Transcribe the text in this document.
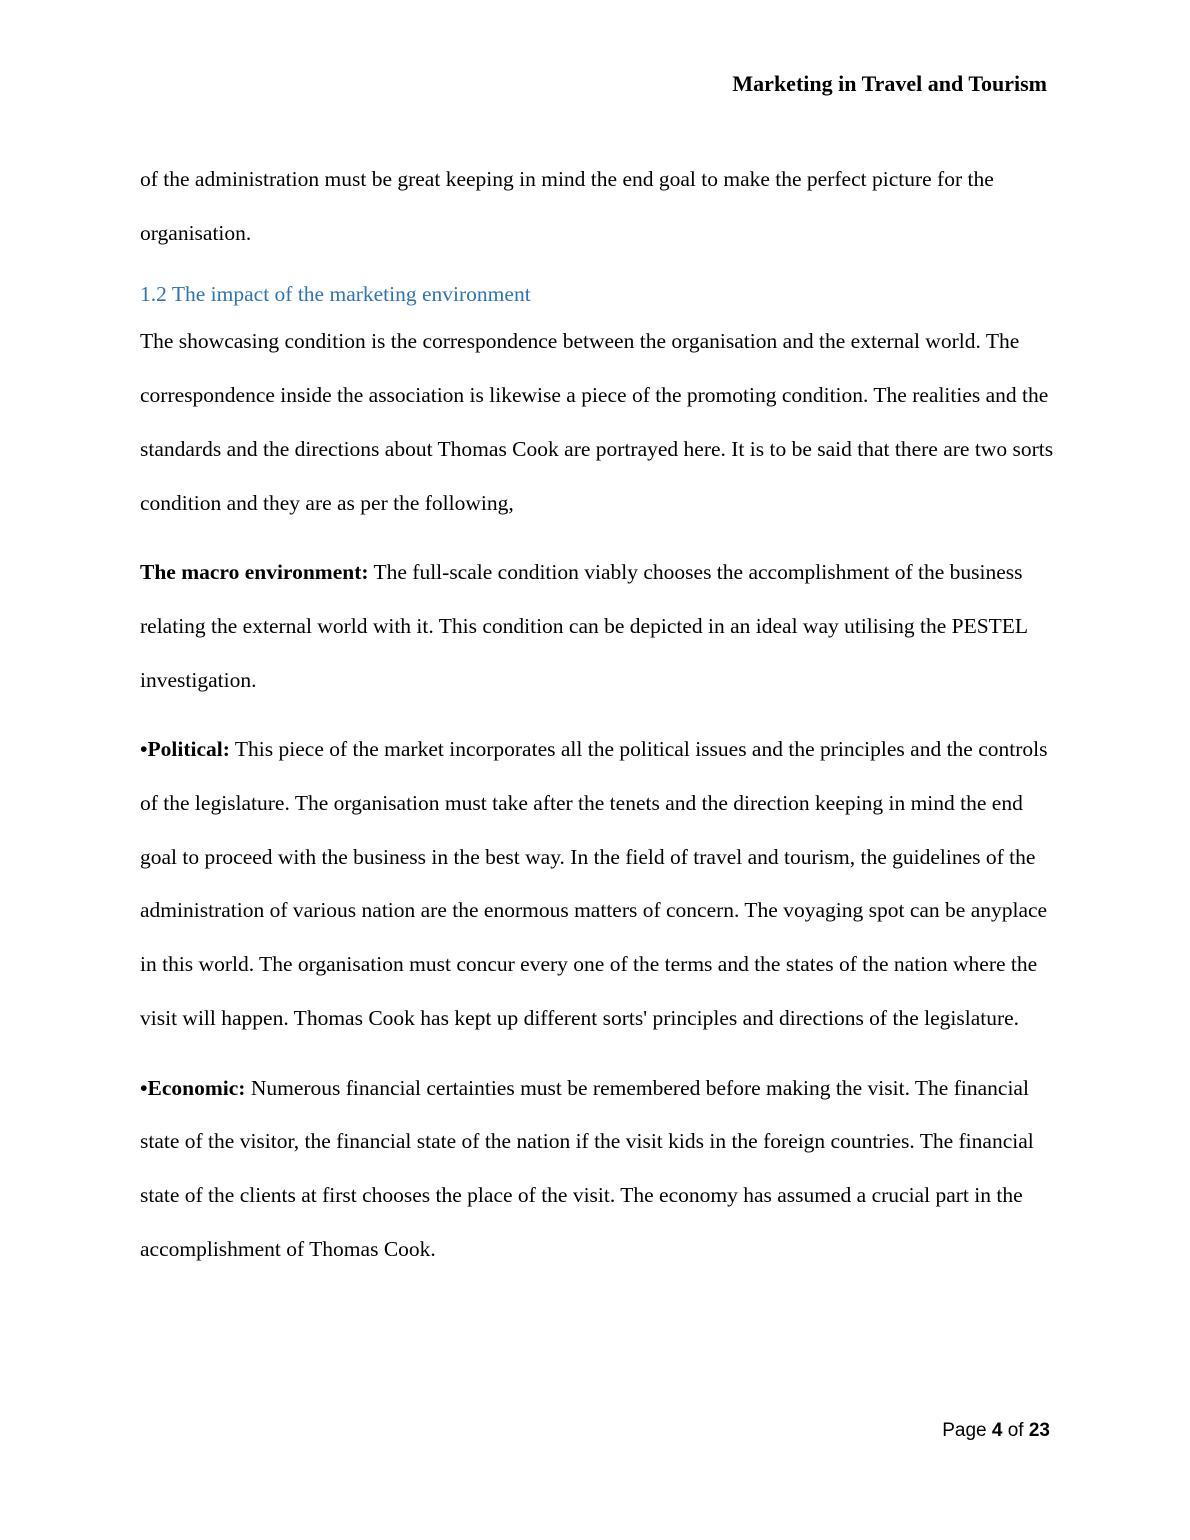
Marketing in Travel and Tourism

of the administration must be great keeping in mind the end goal to make the perfect picture for the organisation.

1.2 The impact of the marketing environment

The showcasing condition is the correspondence between the organisation and the external world. The correspondence inside the association is likewise a piece of the promoting condition. The realities and the standards and the directions about Thomas Cook are portrayed here. It is to be said that there are two sorts condition and they are as per the following,

The macro environment: The full-scale condition viably chooses the accomplishment of the business relating the external world with it. This condition can be depicted in an ideal way utilising the PESTEL investigation.

•Political: This piece of the market incorporates all the political issues and the principles and the controls of the legislature. The organisation must take after the tenets and the direction keeping in mind the end goal to proceed with the business in the best way. In the field of travel and tourism, the guidelines of the administration of various nation are the enormous matters of concern. The voyaging spot can be anyplace in this world. The organisation must concur every one of the terms and the states of the nation where the visit will happen. Thomas Cook has kept up different sorts' principles and directions of the legislature.

•Economic: Numerous financial certainties must be remembered before making the visit. The financial state of the visitor, the financial state of the nation if the visit kids in the foreign countries. The financial state of the clients at first chooses the place of the visit. The economy has assumed a crucial part in the accomplishment of Thomas Cook.

Page 4 of 23
